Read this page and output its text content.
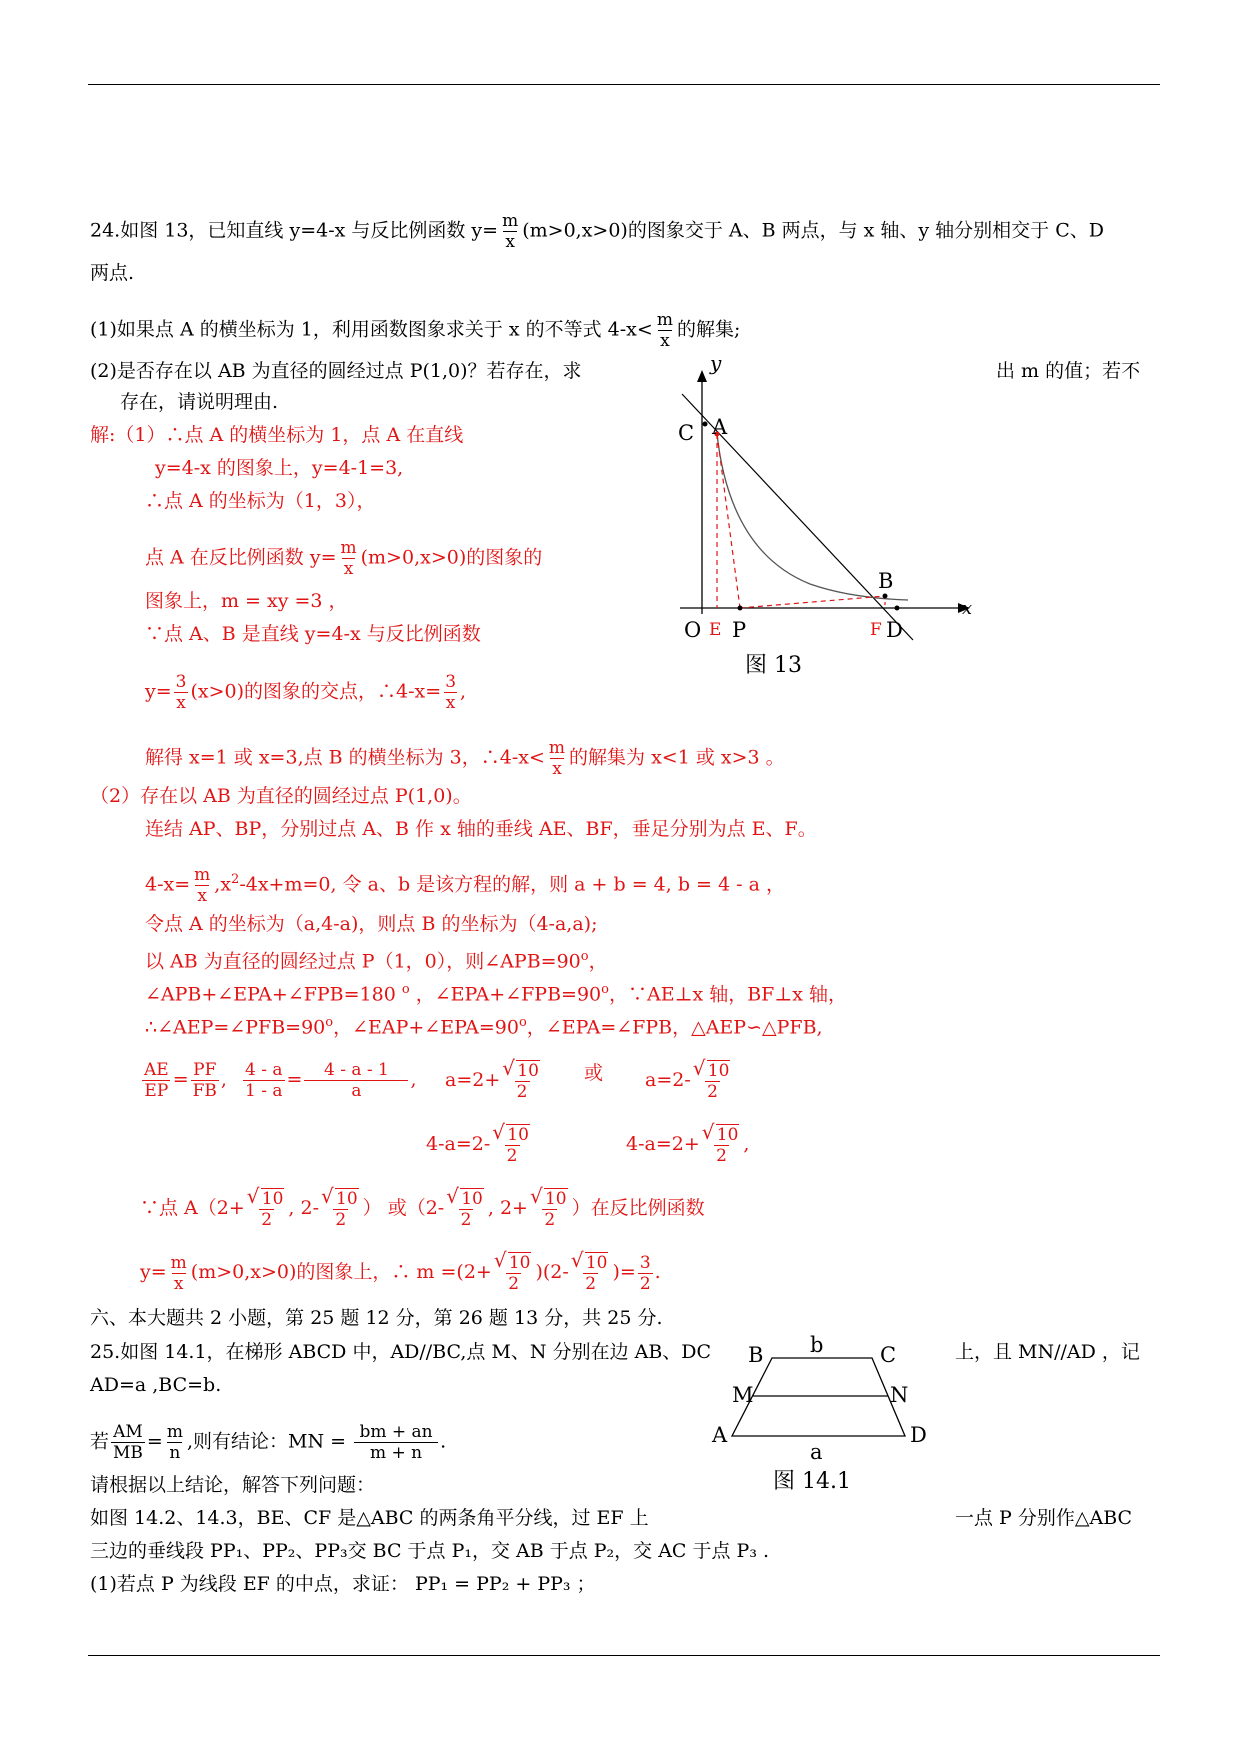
24.如图 13，已知直线 y=4-x 与反比例函数 $y= \frac{m}{x} (m>0,x>0)$的图象交于 A、B 两点，与 x 轴、y 轴分别相交于 C、D
两点.
(1)如果点 A 的横坐标为 1，利用函数图象求关于 x 的不等式 $4-x< \frac{m}{x}$ 的解集;
(2)是否存在以 AB 为直径的圆经过点 P(1,0)？若存在，求	出 m 的值；若不
存在，请说明理由.
y
x
C A
B
O E P	F D
图 13
解:（1）∴点 A 的横坐标为 1，点 A 在直线
y=4-x 的图象上，y=4-1=3,
∴点 A 的坐标为（1，3），
点 A 在反比例函数 $y= \frac{m}{x} (m>0,x>0)$的图象的
图象上，m = xy =3 ，
∵点 A、B 是直线 y=4-x 与反比例函数
$y= \frac{3}{x} (x>0)$的图象的交点，∴4-x= $\frac{3}{x}$ ,
解得 x=1 或 x=3,点 B 的横坐标为 3，∴4-x< $\frac{m}{x}$ 的解集为 x<1 或 x>3 。
（2）存在以 AB 为直径的圆经过点 P(1,0)。
连结 AP、BP，分别过点 A、B 作 x 轴的垂线 AE、BF，垂足分别为点 E、F。
$4-x= \frac{m}{x} ,x^2-4x+m=0$, 令 a、b 是该方程的解，则 a + b = 4, b = 4 - a ，
令点 A 的坐标为（a,4-a)，则点 B 的坐标为（4-a,a);
以 AB 为直径的圆经过点 P（1，0），则$\angle APB=90^o$，
∠APB+∠EPA+∠FPB=180 $^o$ ，$\angle EPA+\angle FPB=90^o$，∵AE⊥x 轴，BF⊥x 轴，
$\therefore\angle AEP=\angle PFB=90^o$，$\angle EAP+\angle EPA=90^o$，∠EPA=∠FPB，△AEP∽△PFB,
$\frac{AE}{EP} = \frac{PF}{FB}$ , $\frac{4 - a}{1 - a} = \frac{4 - a - 1}{a}$ , a=2+ √ $\frac{10}{2}$ 或 a=2- √ $\frac{10}{2}$
4-a=2- √ $\frac{10}{2}$	4-a=2+ √ $\frac{10}{2}$ ,
∵点 A（2+ √ $\frac{10}{2}$ , 2- √ $\frac{10}{2}$ ） 或（2- √ $\frac{10}{2}$ , 2+ √ $\frac{10}{2}$ ）在反比例函数
$y= \frac{m}{x} (m>0,x>0)$的图象上，∴ m =(2+ √ $\frac{10}{2} )(2-$ √ $\frac{10}{2}$ )= $\frac{3}{2}$ .
六、本大题共 2 小题，第 25 题 12 分，第 26 题 13 分，共 25 分.
25.如图 14.1，在梯形 ABCD 中，AD//BC,点 M、N 分别在边 AB、DC	上，且 MN//AD ，记
AD=a ,BC=b.
若 $\frac{AM}{MB} = \frac{m}{n}$ ,则有结论：MN = $\frac{bm + an}{m + n}$ .
请根据以上结论，解答下列问题：
如图 14.2、14.3，BE、CF 是△ABC 的两条角平分线，过 EF 上	一点 P 分别作△ABC
三边的垂线段 PP₁、PP₂、PP₃交 BC 于点 P₁，交 AB 于点 P₂，交 AC 于点 P₃ .
(1)若点 P 为线段 EF 的中点，求证： PP₁ = PP₂ + PP₃ ；
B b	C
M	N
A	D
a
图 14.1
